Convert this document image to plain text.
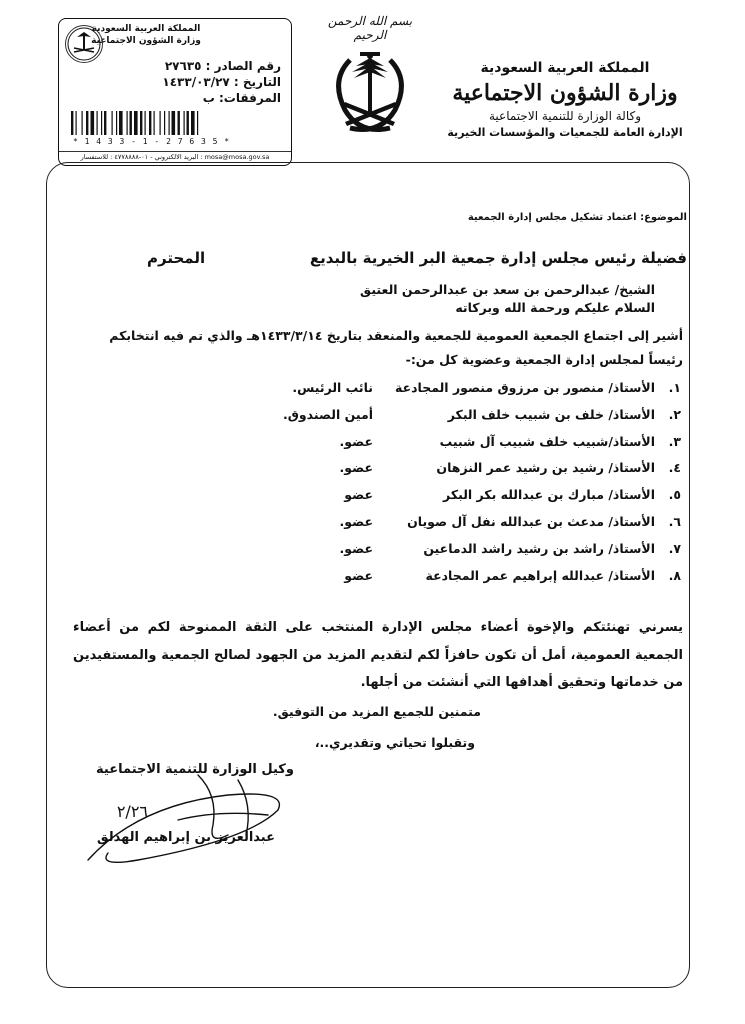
بسم الله الرحمن الرحيم
المملكة العربية السعودية
وزارة الشؤون الاجتماعية
وكالة الوزارة للتنمية الاجتماعية
الإدارة العامة للجمعيات والمؤسسات الخيرية
المملكة العربية السعودية
وزارة الشؤون الاجتماعية
رقم الصادر : ٢٧٦٣٥
التاريخ : ١٤٣٣/٠٣/٢٧
المرفقات: ب
* 1 4 3 3 - 1 - 2 7 6 3 5 *
mosa@mosa.gov.sa : البريد الالكتروني - ٠١-٤٧٧٨٨٨٨ : للاستفسار
الموضوع: اعتماد تشكيل مجلس إدارة الجمعية
فضيلة رئيس مجلس إدارة جمعية البر الخيرية بالبديع
المحترم
الشيخ/ عبدالرحمن بن سعد بن عبدالرحمن العتيق
السلام عليكم ورحمة الله وبركاته
أشير إلى اجتماع الجمعية العمومية للجمعية والمنعقد بتاريخ ١٤٣٣/٣/١٤هـ والذي تم فيه انتخابكم رئيساً لمجلس إدارة الجمعية وعضوية كل من:-
١.
الأستاذ/ منصور بن مرزوق منصور المجادعة
نائب الرئيس.
٢.
الأستاذ/ خلف بن شبيب خلف البكر
أمين الصندوق.
٣.
الأستاذ/شبيب خلف شبيب آل شبيب
عضو.
٤.
الأستاذ/ رشيد بن رشيد عمر النزهان
عضو.
٥.
الأستاذ/ مبارك بن عبدالله بكر البكر
عضو
٦.
الأستاذ/ مدعث بن عبدالله نفل آل صويان
عضو.
٧.
الأستاذ/ راشد بن رشيد راشد الدماعين
عضو.
٨.
الأستاذ/ عبدالله إبراهيم عمر المجادعة
عضو
يسرني تهنئتكم والإخوة أعضاء مجلس الإدارة المنتخب على الثقة الممنوحة لكم من أعضاء الجمعية العمومية، أمل أن تكون حافزاً لكم لتقديم المزيد من الجهود لصالح الجمعية والمستفيدين من خدماتها وتحقيق أهدافها التي أنشئت من أجلها.
متمنين للجميع المزيد من التوفيق.
وتقبلوا تحياتي وتقديري..،
وكيل الوزارة للتنمية الاجتماعية
٢/٢٦
عبدالعزيز بن إبراهيم الهدلق
